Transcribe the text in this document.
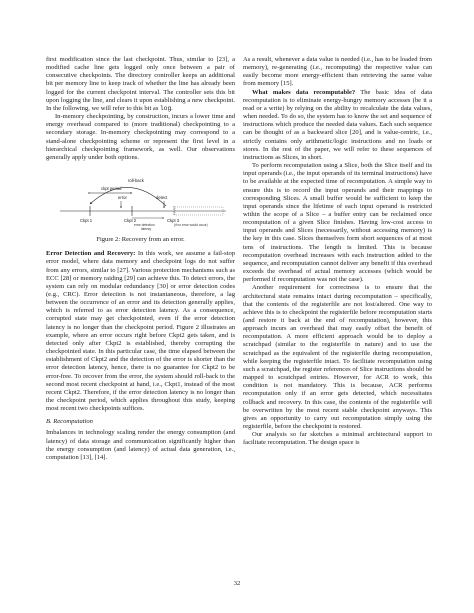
first modification since the last checkpoint. Thus, similar to [23], a modified cache line gets logged only once between a pair of consecutive checkpoints. The directory controller keeps an additional bit per memory line to keep track of whether the line has already been logged for the current checkpoint interval. The controller sets this bit upon logging the line, and clears it upon establishing a new checkpoint. In the following, we will refer to this bit as log.

In-memory checkpointing, by construction, incurs a lower time and energy overhead compared to (more traditional) checkpointing to a secondary storage. In-memory checkpointing may correspond to a stand-alone checkpointing scheme or represent the first level in a hierarchical checkpointing framework, as well. Our observations generally apply under both options.

roll-back
ckpt period
error	detect
Ckpt 1	Ckpt 2	Ckpt 3
error detection
latency
(if no error would occur)

Figure 2: Recovery from an error.

Error Detection and Recovery: In this work, we assume a fail-stop error model, where data memory and checkpoint logs do not suffer from any errors, similar to [27]. Various protection mechanisms such as ECC [28] or memory raiding [29] can achieve this. To detect errors, the system can rely on modular redundancy [30] or error detection codes (e.g., CRC). Error detection is not instantaneous, therefore, a lag between the occurrence of an error and its detection generally applies, which is referred to as error detection latency. As a consequence, corrupted state may get checkpointed, even if the error detection latency is no longer than the checkpoint period. Figure 2 illustrates an example, where an error occurs right before Ckpt2 gets taken, and is detected only after Ckpt2 is established, thereby corrupting the checkpointed state. In this particular case, the time elapsed between the establishment of Ckpt2 and the detection of the error is shorter than the error detection latency, hence, there is no guarantee for Ckpt2 to be error-free. To recover from the error, the system should roll-back to the second most recent checkpoint at hand, i.e., Ckpt1, instead of the most recent Ckpt2. Therefore, if the error detection latency is no longer than the checkpoint period, which applies throughout this study, keeping most recent two checkpoints suffices.

B. Recomputation

Imbalances in technology scaling render the energy consumption (and latency) of data storage and communication significantly higher than the energy consumption (and latency) of actual data generation, i.e., computation [13], [14].

As a result, whenever a data value is needed (i.e., has to be loaded from memory), re-generating (i.e., recomputing) the respective value can easily become more energy-efficient than retrieving the same value from memory [15].

What makes data recomputable? The basic idea of data recomputation is to eliminate energy-hungry memory accesses (be it a read or a write) by relying on the ability to recalculate the data values, when needed. To do so, the system has to know the set and sequence of instructions which produce the needed data values. Each such sequence can be thought of as a backward slice [20], and is value-centric, i.e., strictly contains only arithmetic/logic instructions and no loads or stores. In the rest of the paper, we will refer to these sequences of instructions as Slices, in short.

To perform recomputation using a Slice, both the Slice itself and its input operands (i.e., the input operands of its terminal instructions) have to be available at the expected time of recomputation. A simple way to ensure this is to record the input operands and their mappings to corresponding Slices. A small buffer would be sufficient to keep the input operands since the lifetime of each input operand is restricted within the scope of a Slice – a buffer entry can be reclaimed once recomputation of a given Slice finishes. Having low-cost access to input operands and Slices (necessarily, without accessing memory) is the key in this case. Slices themselves form short sequences of at most tens of instructions. The length is limited. This is because recomputation overhead increases with each instruction added to the sequence, and recomputation cannot deliver any benefit if this overhead exceeds the overhead of actual memory accesses (which would be performed if recomputation was not the case).

Another requirement for correctness is to ensure that the architectural state remains intact during recomputation – specifically, that the contents of the registerfile are not lost/altered. One way to achieve this is to checkpoint the registerfile before recomputation starts (and restore it back at the end of recomputation), however, this approach incurs an overhead that may easily offset the benefit of recomputation. A more efficient approach would be to deploy a scratchpad (similar to the registerfile in nature) and to use the scratchpad as the equivalent of the registerfile during recomputation, while keeping the registerfile intact. To facilitate recomputation using such a scratchpad, the register references of Slice instructions should be mapped to scratchpad entries. However, for ACR to work, this condition is not mandatory. This is because, ACR performs recomputation only if an error gets detected, which necessitates rollback and recovery. In this case, the contents of the registerfile will be overwritten by the most recent stable checkpoint anyways. This gives an opportunity to carry out recomputation simply using the registerfile, before the checkpoint is restored.

Our analysis so far sketches a minimal architectural support to facilitate recomputation. The design space is

32
